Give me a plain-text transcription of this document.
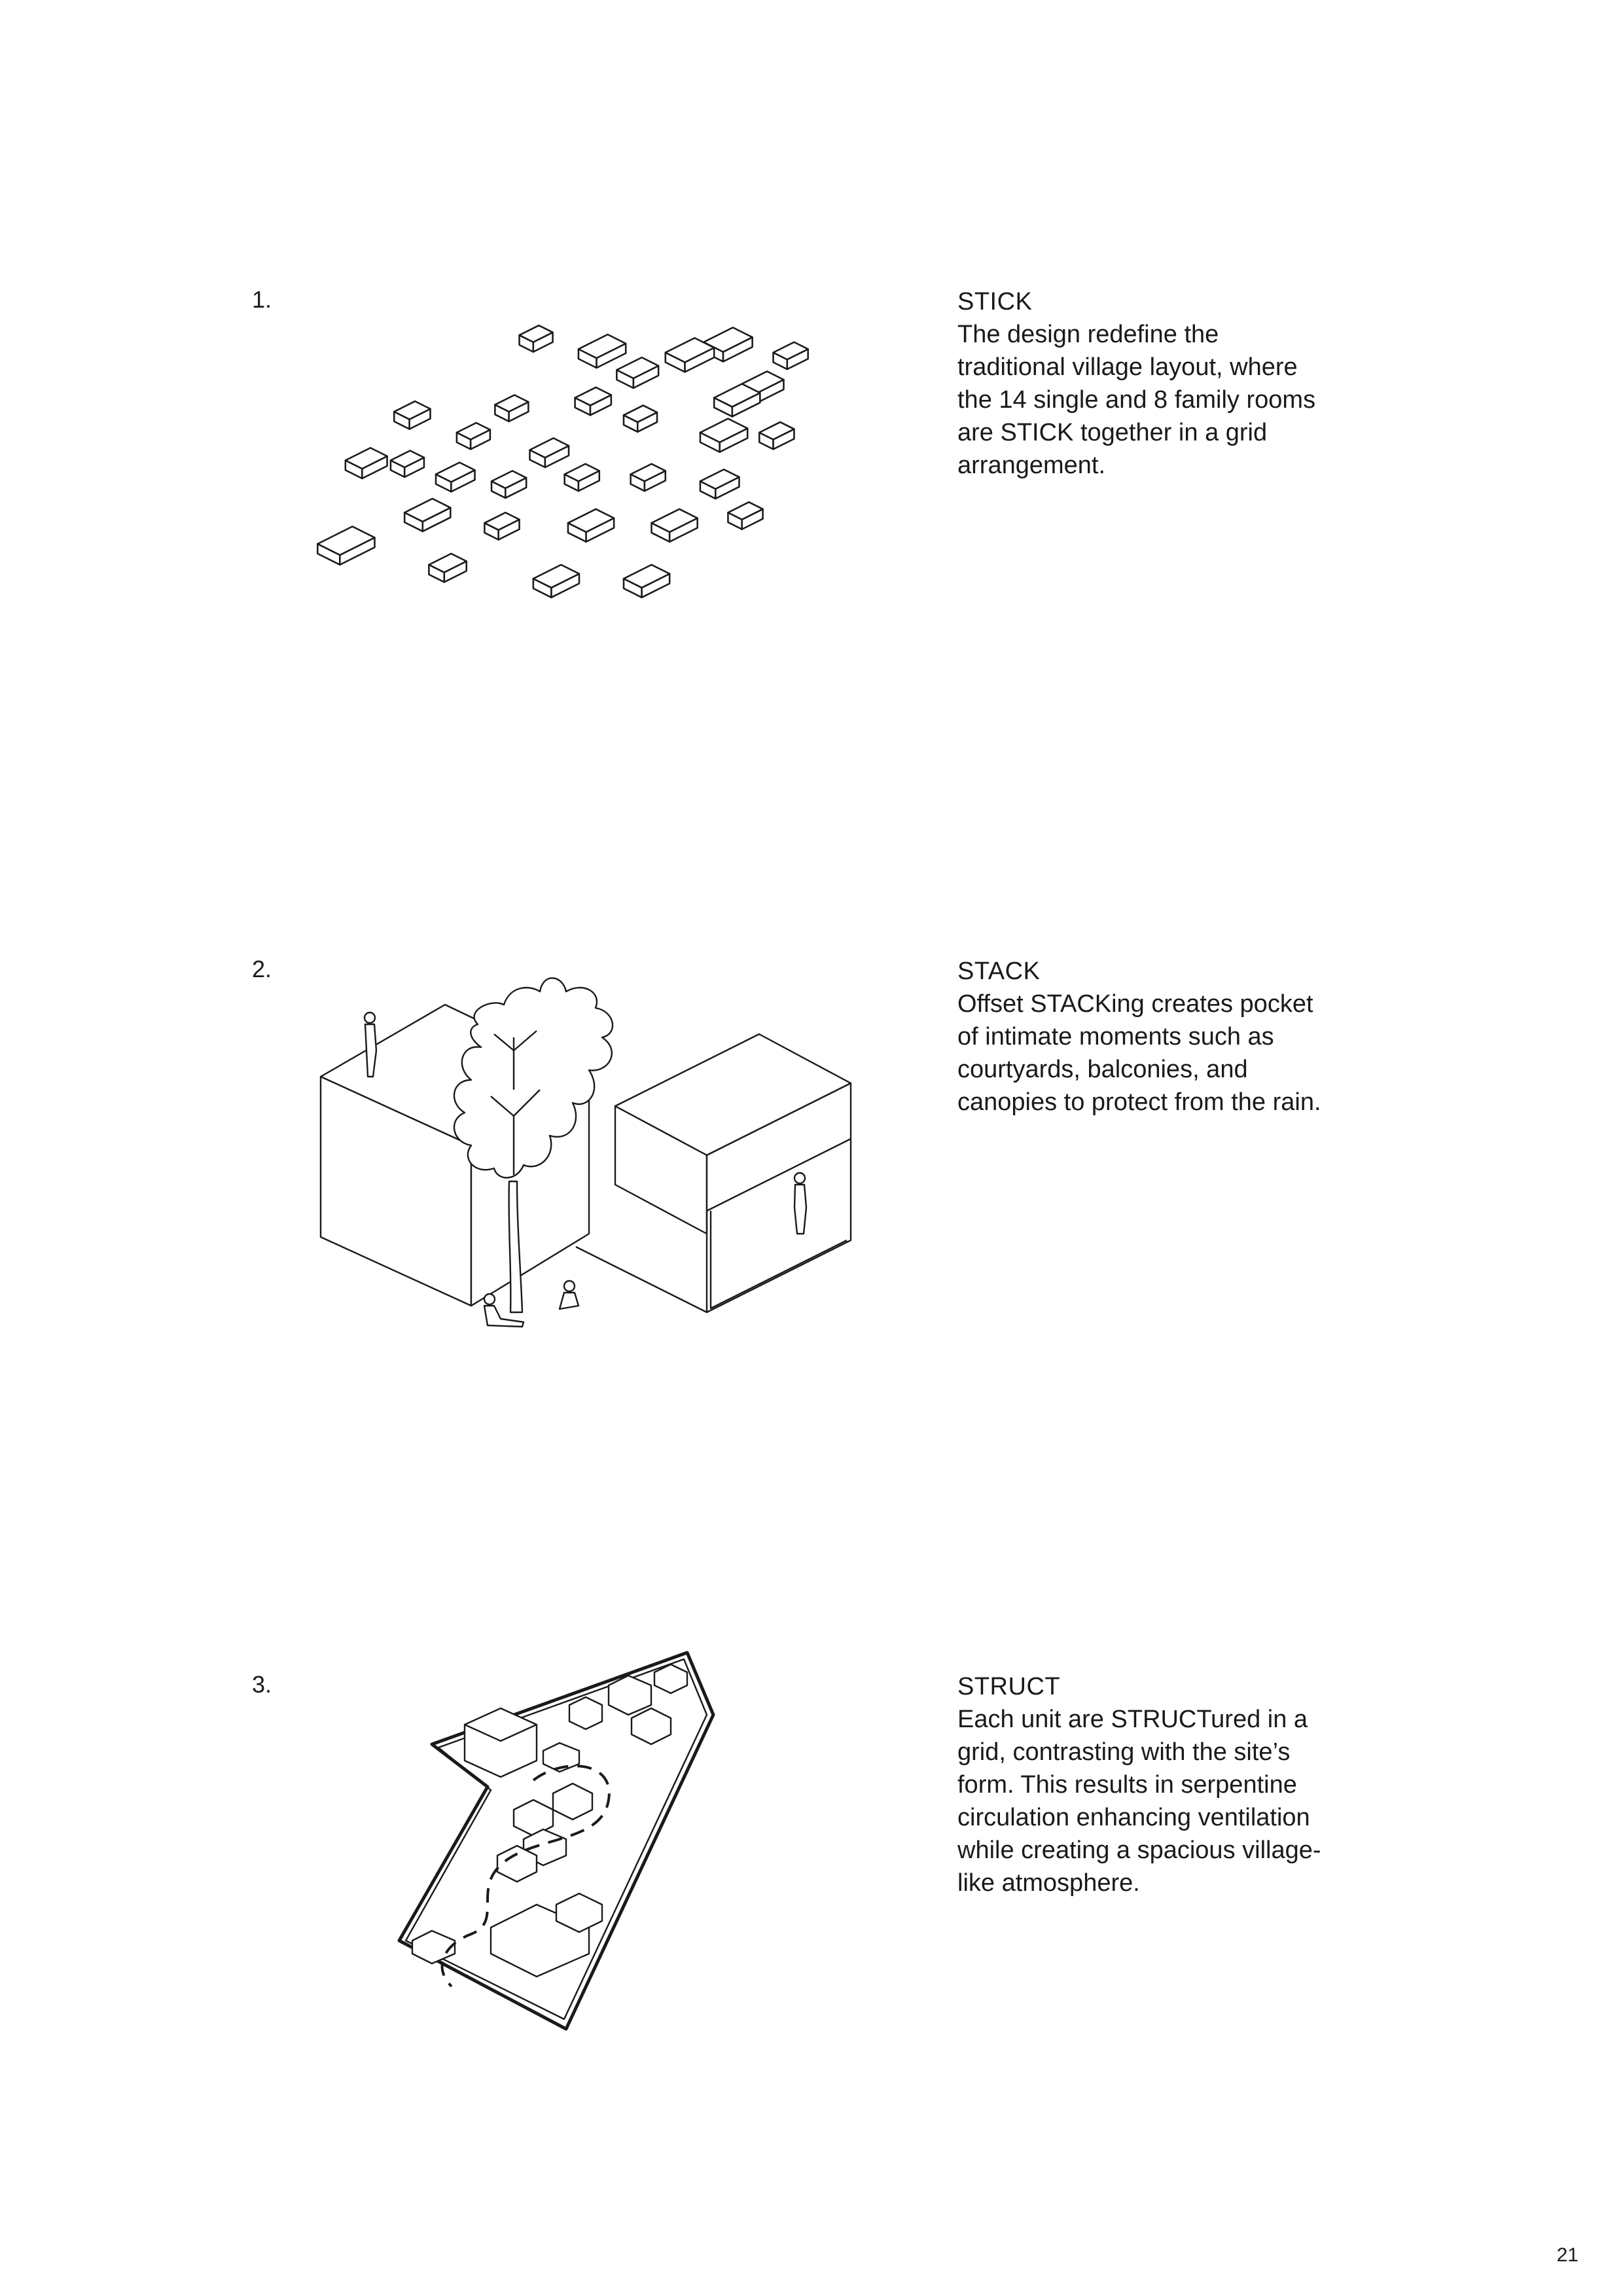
1.	STICK

The design redefine the
traditional village layout, where
the 14 single and 8 family rooms
are STICK together in a grid
arrangement.

2.	STACK

Offset STACKing creates pocket
of intimate moments such as
courtyards, balconies, and
canopies to protect from the rain.

3.	STRUCT

Each unit are STRUCTured in a
grid, contrasting with the site’s
form. This results in serpentine
circulation enhancing ventilation
while creating a spacious village-
like atmosphere.

21
